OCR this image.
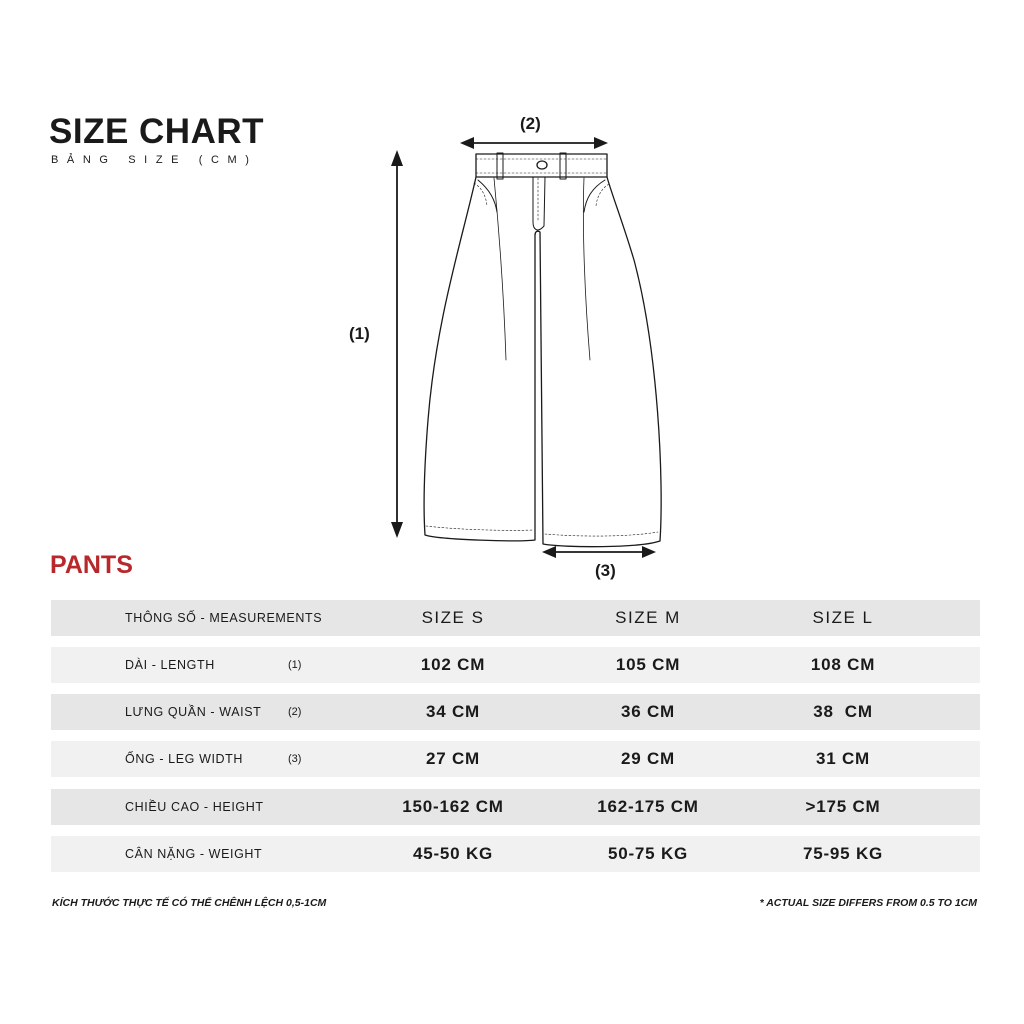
SIZE CHART
BẢNG SIZE (CM)
(2)
(1)
(3)
PANTS
THÔNG SỐ - MEASUREMENTS	SIZE S	SIZE M	SIZE L
DÀI - LENGTH	(1)	102 CM	105 CM	108 CM
LƯNG QUẦN - WAIST (2)	34 CM	36 CM	38  CM
ỐNG - LEG WIDTH	(3)	27 CM	29 CM	31 CM
CHIỀU CAO - HEIGHT	150-162 CM	162-175 CM	>175 CM
CÂN NẶNG - WEIGHT	45-50 KG	50-75 KG	75-95 KG
KÍCH THƯỚC THỰC TẾ CÓ THỂ CHÊNH LỆCH 0,5-1CM	* ACTUAL SIZE DIFFERS FROM 0.5 TO 1CM
